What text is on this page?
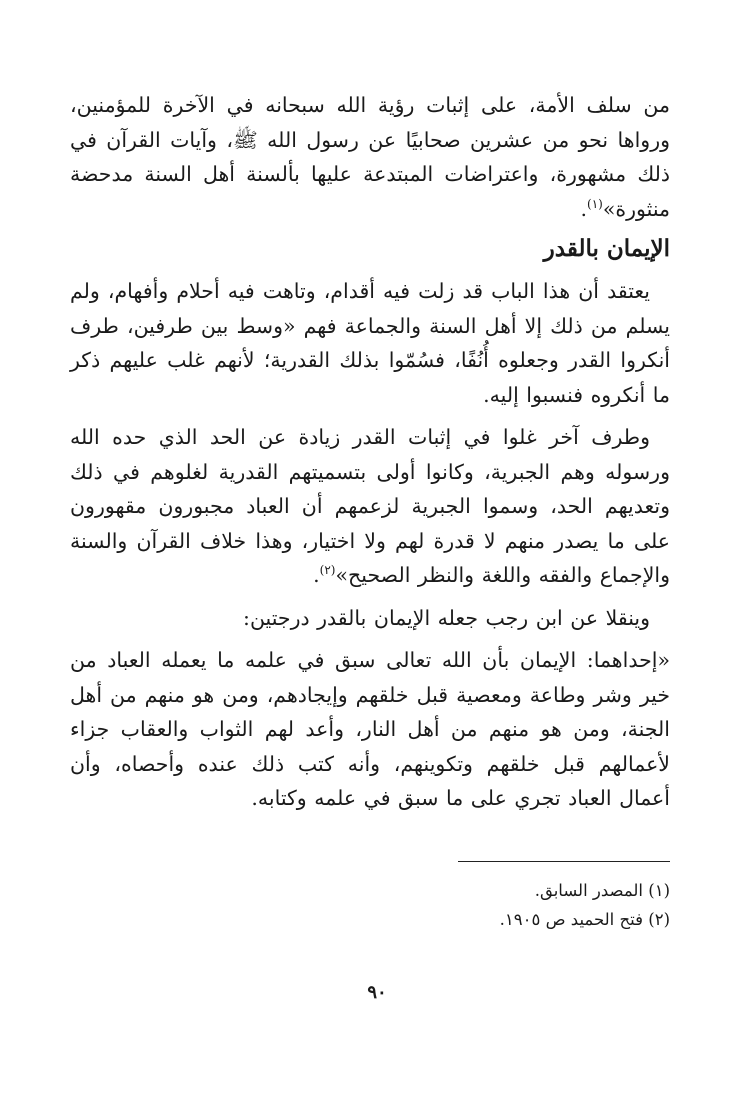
من سلف الأمة، على إثبات رؤية الله سبحانه في الآخرة للمؤمنين، ورواها نحو من عشرين صحابيًا عن رسول الله ﷺ، وآيات القرآن في ذلك مشهورة، واعتراضات المبتدعة عليها بألسنة أهل السنة مدحضة منثورة»$^{(١)}$.

الإيمان بالقدر

يعتقد أن هذا الباب قد زلت فيه أقدام، وتاهت فيه أحلام وأفهام، ولم يسلم من ذلك إلا أهل السنة والجماعة فهم «وسط بين طرفين، طرف أنكروا القدر وجعلوه أُنُفًا، فسُمّوا بذلك القدرية؛ لأنهم غلب عليهم ذكر ما أنكروه فنسبوا إليه.

وطرف آخر غلوا في إثبات القدر زيادة عن الحد الذي حده الله ورسوله وهم الجبرية، وكانوا أولى بتسميتهم القدرية لغلوهم في ذلك وتعديهم الحد، وسموا الجبرية لزعمهم أن العباد مجبورون مقهورون على ما يصدر منهم لا قدرة لهم ولا اختيار، وهذا خلاف القرآن والسنة والإجماع والفقه واللغة والنظر الصحيح»$^{(٢)}$.

وينقلا عن ابن رجب جعله الإيمان بالقدر درجتين:

«إحداهما: الإيمان بأن الله تعالى سبق في علمه ما يعمله العباد من خير وشر وطاعة ومعصية قبل خلقهم وإيجادهم، ومن هو منهم من أهل الجنة، ومن هو منهم من أهل النار، وأعد لهم الثواب والعقاب جزاء لأعمالهم قبل خلقهم وتكوينهم، وأنه كتب ذلك عنده وأحصاه، وأن أعمال العباد تجري على ما سبق في علمه وكتابه.

(١) المصدر السابق.
(٢) فتح الحميد ص ١٩٠٥.
٩٠
